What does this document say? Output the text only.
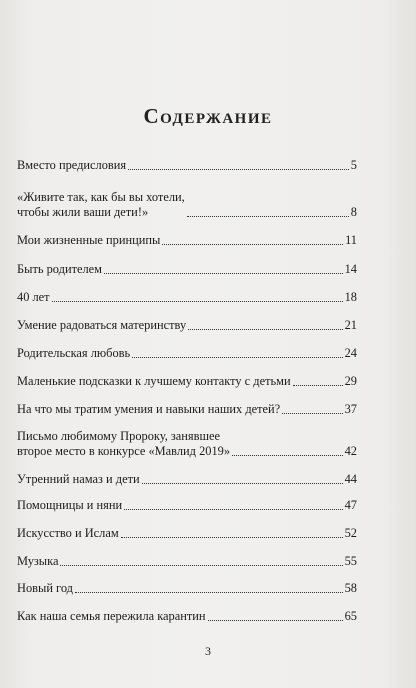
Содержание
Вместо предисловия	5
«Живите так, как бы вы хотели,
чтобы жили ваши дети!»	8
Мои жизненные принципы	11
Быть родителем	14
40 лет	18
Умение радоваться материнству	21
Родительская любовь	24
Маленькие подсказки к лучшему контакту с детьми	29
На что мы тратим умения и навыки наших детей?	37
Письмо любимому Пророку, занявшее
второе место в конкурсе «Мавлид 2019»	42
Утренний намаз и дети	44
Помощницы и няни	47
Искусство и Ислам	52
Музыка	55
Новый год	58
Как наша семья пережила карантин	65
3
